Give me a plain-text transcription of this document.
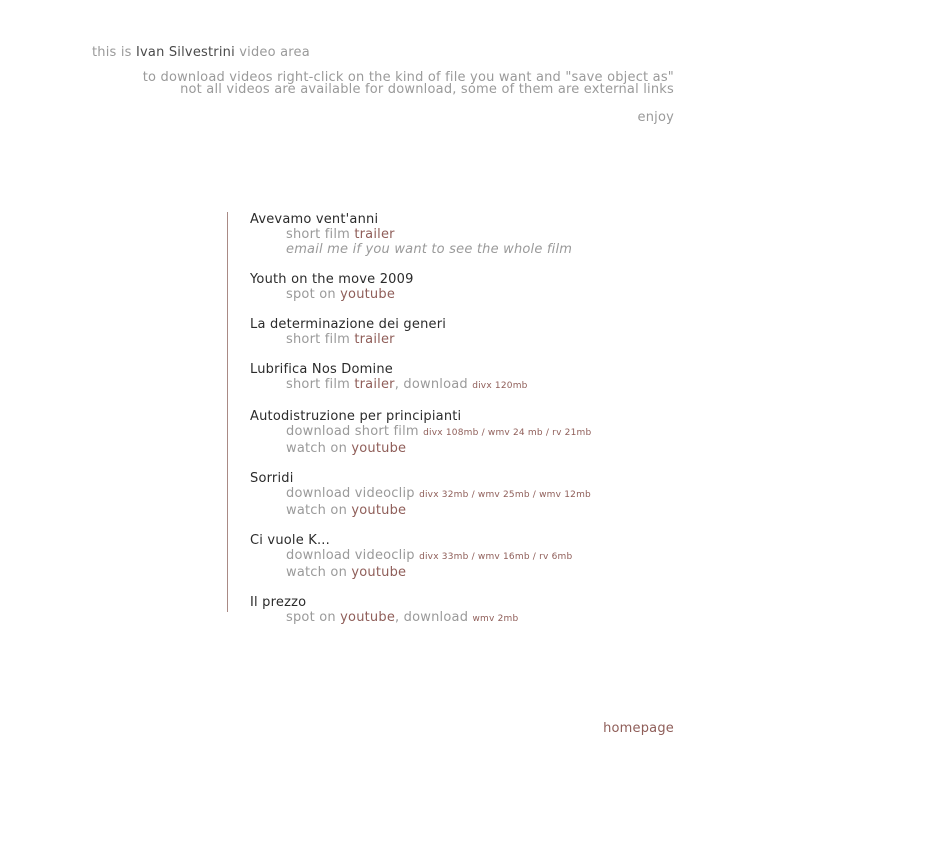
this is Ivan Silvestrini video area
to download videos right-click on the kind of file you want and "save object as"
not all videos are available for download, some of them are external links
enjoy
Avevamo vent'anni
short film trailer
email me if you want to see the whole film
Youth on the move 2009
spot on youtube
La determinazione dei generi
short film trailer
Lubrifica Nos Domine
short film trailer, download divx 120mb
Autodistruzione per principianti
download short film divx 108mb / wmv 24 mb / rv 21mb
watch on youtube
Sorridi
download videoclip divx 32mb / wmv 25mb / wmv 12mb
watch on youtube
Ci vuole K...
download videoclip divx 33mb / wmv 16mb / rv 6mb
watch on youtube
Il prezzo
spot on youtube, download wmv 2mb
homepage
